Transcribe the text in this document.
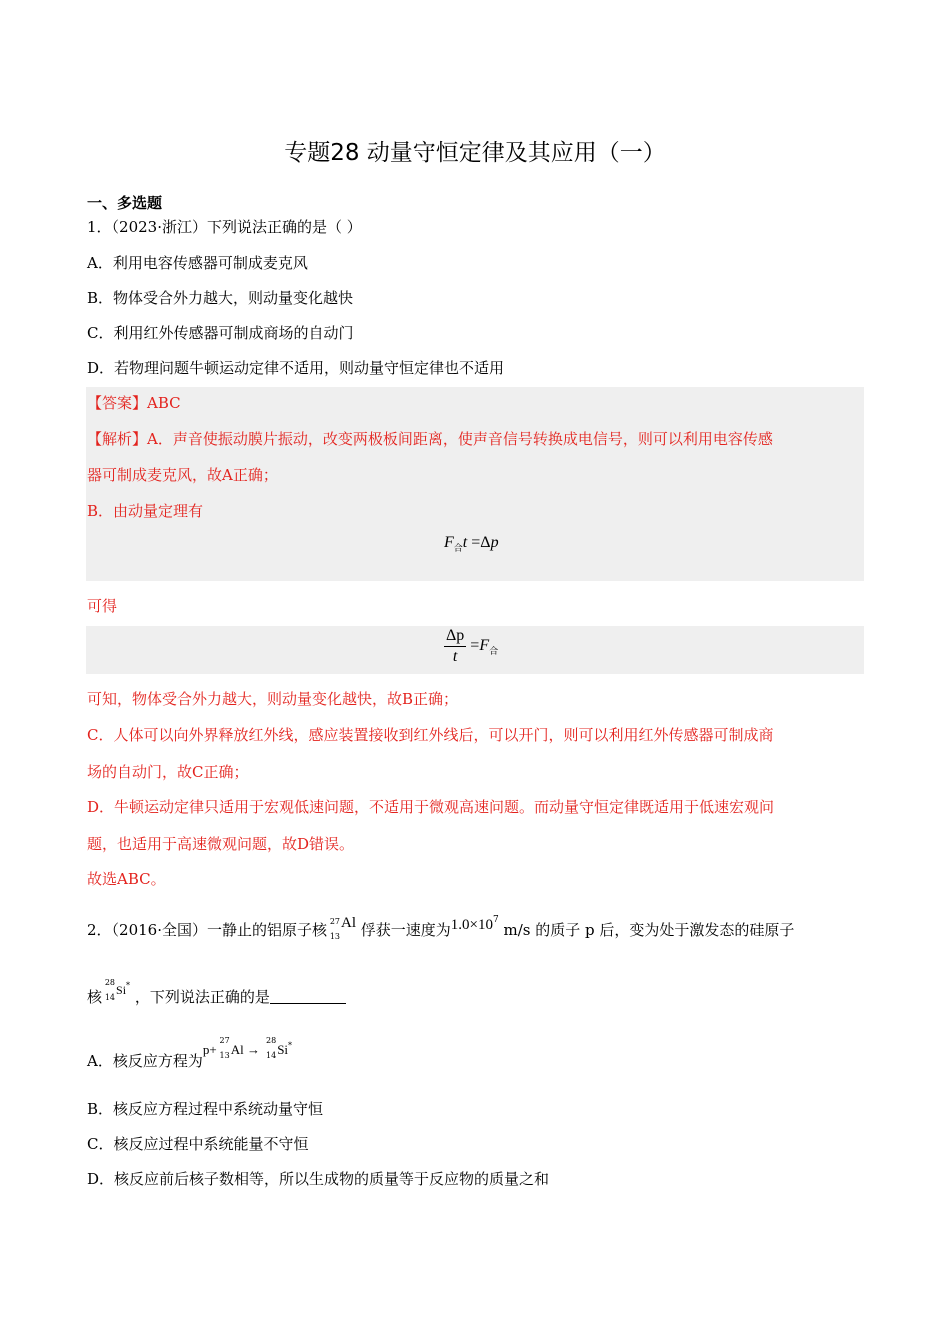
专题28 动量守恒定律及其应用（一）
一、多选题
1．（2023·浙江）下列说法正确的是（ ）
A．利用电容传感器可制成麦克风
B．物体受合外力越大，则动量变化越快
C．利用红外传感器可制成商场的自动门
D．若物理问题牛顿运动定律不适用，则动量守恒定律也不适用
【答案】ABC
【解析】A．声音使振动膜片振动，改变两极板间距离，使声音信号转换成电信号，则可以利用电容传感
器可制成麦克风，故A正确；
B．由动量定理有
$F_合t =\Delta p$
可得
$\frac{\Delta p}{t} =F_合$
可知，物体受合外力越大，则动量变化越快，故B正确；
C．人体可以向外界释放红外线，感应装置接收到红外线后，可以开门，则可以利用红外传感器可制成商
场的自动门，故C正确；
D．牛顿运动定律只适用于宏观低速问题，不适用于微观高速问题。而动量守恒定律既适用于低速宏观问
题，也适用于高速微观问题，故D错误。
故选ABC。
2．（2016·全国）一静止的铝原子核 27
13
Al 俘获一速度为$1.0\times 10^7$ m/s 的质子 p 后，变为处于激发态的硅原子
核
28
14
$^{Si*}$ ，下列说法正确的是
A．核反应方程为p+
27
13 Al →
28
14 Si*
B．核反应方程过程中系统动量守恒
C．核反应过程中系统能量不守恒
D．核反应前后核子数相等，所以生成物的质量等于反应物的质量之和
